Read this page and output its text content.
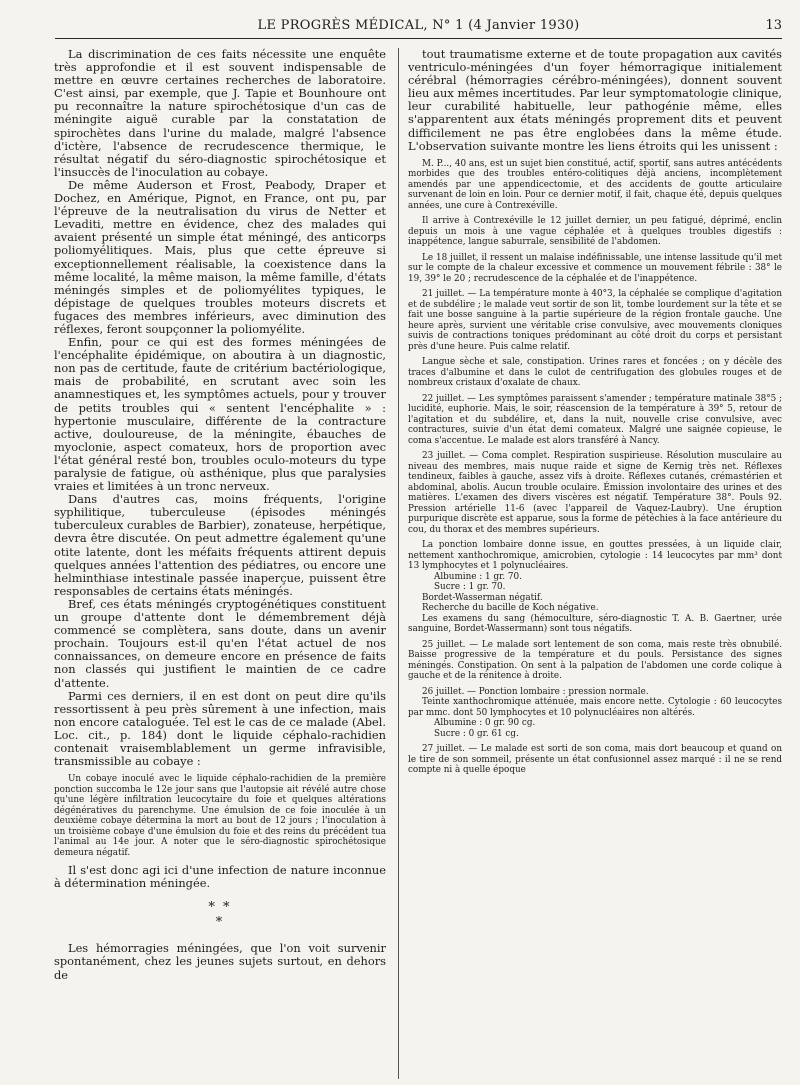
LE PROGRÈS MÉDICAL, N° 1 (4 Janvier 1930)	13

La discrimination de ces faits nécessite une enquête très approfondie et il est souvent indispensable de mettre en œuvre certaines recherches de laboratoire. C'est ainsi, par exemple, que J. Tapie et Bounhoure ont pu reconnaître la nature spirochétosique d'un cas de méningite aiguë curable par la constatation de spirochètes dans l'urine du malade, malgré l'absence d'ictère, l'absence de recrudescence thermique, le résultat négatif du séro-diagnostic spirochétosique et l'insuccès de l'inoculation au cobaye.

De même Auderson et Frost, Peabody, Draper et Dochez, en Amérique, Pignot, en France, ont pu, par l'épreuve de la neutralisation du virus de Netter et Levaditi, mettre en évidence, chez des malades qui avaient présenté un simple état méningé, des anticorps poliomyélitiques. Mais, plus que cette épreuve si exceptionnellement réalisable, la coexistence dans la même localité, la même maison, la même famille, d'états méningés simples et de poliomyélites typiques, le dépistage de quelques troubles moteurs discrets et fugaces des membres inférieurs, avec diminution des réflexes, feront soupçonner la poliomyélite.

Enfin, pour ce qui est des formes méningées de l'encéphalite épidémique, on aboutira à un diagnostic, non pas de certitude, faute de critérium bactériologique, mais de probabilité, en scrutant avec soin les anamnestiques et, les symptômes actuels, pour y trouver de petits troubles qui « sentent l'encéphalite » : hypertonie musculaire, différente de la contracture active, douloureuse, de la méningite, ébauches de myoclonie, aspect comateux, hors de proportion avec l'état général resté bon, troubles oculo-moteurs du type paralysie de fatigue, où asthénique, plus que paralysies vraies et limitées à un tronc nerveux.

Dans d'autres cas, moins fréquents, l'origine syphilitique, tuberculeuse (épisodes méningés tuberculeux curables de Barbier), zonateuse, herpétique, devra être discutée. On peut admettre également qu'une otite latente, dont les méfaits fréquents attirent depuis quelques années l'attention des pédiatres, ou encore une helminthiase intestinale passée inaperçue, puissent être responsables de certains états méningés.

Bref, ces états méningés cryptogénétiques constituent un groupe d'attente dont le démembrement déjà commencé se complètera, sans doute, dans un avenir prochain. Toujours est-il qu'en l'état actuel de nos connaissances, on demeure encore en présence de faits non classés qui justifient le maintien de ce cadre d'attente.

Parmi ces derniers, il en est dont on peut dire qu'ils ressortissent à peu près sûrement à une infection, mais non encore cataloguée. Tel est le cas de ce malade (Abel. Loc. cit., p. 184) dont le liquide céphalo-rachidien contenait vraisemblablement un germe infravisible, transmissible au cobaye :

Un cobaye inoculé avec le liquide céphalo-rachidien de la première ponction succomba le 12e jour sans que l'autopsie ait révélé autre chose qu'une légère infiltration leucocytaire du foie et quelques altérations dégénératives du parenchyme. Une émulsion de ce foie inoculée à un deuxième cobaye détermina la mort au bout de 12 jours ; l'inoculation à un troisième cobaye d'une émulsion du foie et des reins du précédent tua l'animal au 14e jour. A noter que le séro-diagnostic spirochétosique demeura négatif.

Il s'est donc agi ici d'une infection de nature inconnue à détermination méningée.

* *
*

Les hémorragies méningées, que l'on voit survenir spontanément, chez les jeunes sujets surtout, en dehors de

tout traumatisme externe et de toute propagation aux cavités ventriculo-méningées d'un foyer hémorragique initialement cérébral (hémorragies cérébro-méningées), donnent souvent lieu aux mêmes incertitudes. Par leur symptomatologie clinique, leur curabilité habituelle, leur pathogénie même, elles s'apparentent aux états méningés proprement dits et peuvent difficilement ne pas être englobées dans la même étude. L'observation suivante montre les liens étroits qui les unissent :

M. P..., 40 ans, est un sujet bien constitué, actif, sportif, sans autres antécédents morbides que des troubles entéro-colitiques déjà anciens, incomplètement amendés par une appendicectomie, et des accidents de goutte articulaire survenant de loin en loin. Pour ce dernier motif, il fait, chaque été, depuis quelques années, une cure à Contrexéville.

Il arrive à Contrexéville le 12 juillet dernier, un peu fatigué, déprimé, enclin depuis un mois à une vague céphalée et à quelques troubles digestifs : inappétence, langue saburrale, sensibilité de l'abdomen.

Le 18 juillet, il ressent un malaise indéfinissable, une intense lassitude qu'il met sur le compte de la chaleur excessive et commence un mouvement fébrile : 38° le 19, 39° le 20 ; recrudescence de la céphalée et de l'inappétence.

21 juillet. — La température monte à 40°3, la céphalée se complique d'agitation et de subdélire ; le malade veut sortir de son lit, tombe lourdement sur la tête et se fait une bosse sanguine à la partie supérieure de la région frontale gauche. Une heure après, survient une véritable crise convulsive, avec mouvements cloniques suivis de contractions toniques prédominant au côté droit du corps et persistant près d'une heure. Puis calme relatif.

Langue sèche et sale, constipation. Urines rares et foncées ; on y décèle des traces d'albumine et dans le culot de centrifugation des globules rouges et de nombreux cristaux d'oxalate de chaux.

22 juillet. — Les symptômes paraissent s'amender ; température matinale 38°5 ; lucidité, euphorie. Mais, le soir, réascension de la température à 39° 5, retour de l'agitation et du subdélire, et, dans la nuit, nouvelle crise convulsive, avec contractures, suivie d'un état demi comateux. Malgré une saignée copieuse, le coma s'accentue. Le malade est alors transféré à Nancy.

23 juillet. — Coma complet. Respiration suspirieuse. Résolution musculaire au niveau des membres, mais nuque raide et signe de Kernig très net. Réflexes tendineux, faibles à gauche, assez vifs à droite. Réflexes cutanés, crémastérien et abdominal, abolis. Aucun trouble oculaire. Émission involontaire des urines et des matières. L'examen des divers viscères est négatif. Température 38°. Pouls 92. Pression artérielle 11-6 (avec l'appareil de Vaquez-Laubry). Une éruption purpurique discrète est apparue, sous la forme de pétéchies à la face antérieure du cou, du thorax et des membres supérieurs.

La ponction lombaire donne issue, en gouttes pressées, à un liquide clair, nettement xanthochromique, amicrobien, cytologie : 14 leucocytes par mm³ dont 13 lymphocytes et 1 polynucléaires.

Albumine : 1 gr. 70.

Sucre : 1 gr. 70.

Bordet-Wasserman négatif.

Recherche du bacille de Koch négative.

Les examens du sang (hémoculture, séro-diagnostic T. A. B. Gaertner, urée sanguine, Bordet-Wassermann) sont tous négatifs.

25 juillet. — Le malade sort lentement de son coma, mais reste très obnubilé. Baisse progressive de la température et du pouls. Persistance des signes méningés. Constipation. On sent à la palpation de l'abdomen une corde colique à gauche et de la rénitence à droite.

26 juillet. — Ponction lombaire : pression normale.

Teinte xanthochromique atténuée, mais encore nette. Cytologie : 60 leucocytes par mmc. dont 50 lymphocytes et 10 polynucléaires non altérés.

Albumine : 0 gr. 90 cg.

Sucre : 0 gr. 61 cg.

27 juillet. — Le malade est sorti de son coma, mais dort beaucoup et quand on le tire de son sommeil, présente un état confusionnel assez marqué : il ne se rend compte ni à quelle époque
